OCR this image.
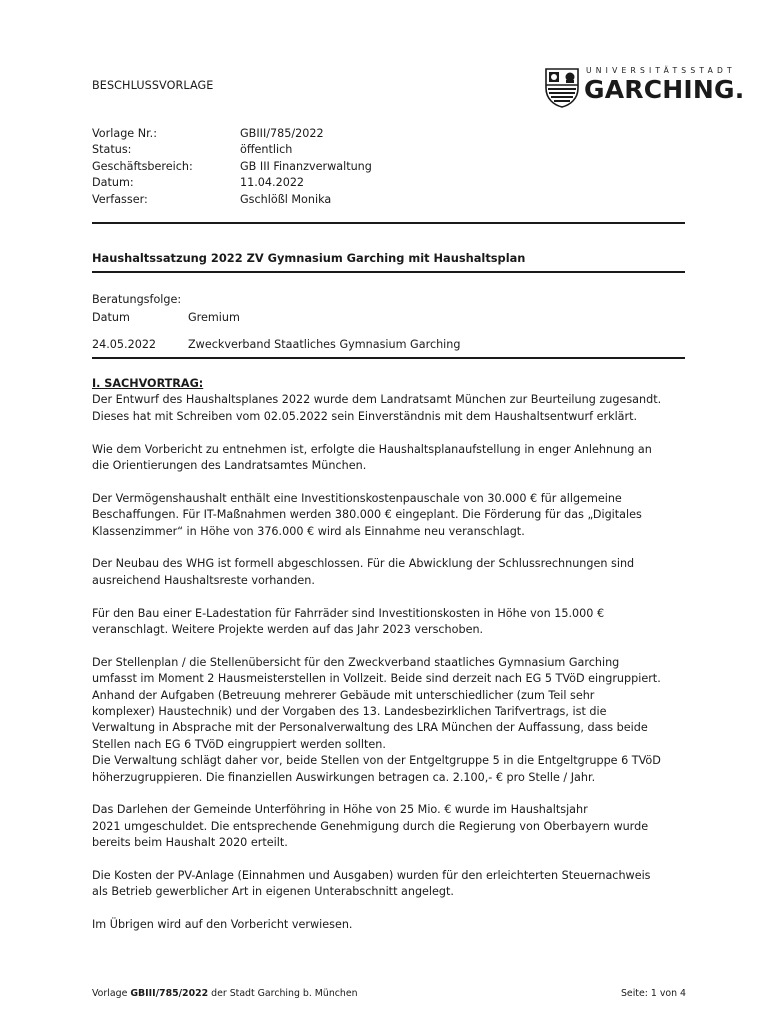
BESCHLUSSVORLAGE
UNIVERSITÄTSSTADT
GARCHING.
Vorlage Nr.:	GBIII/785/2022
Status:	öffentlich
Geschäftsbereich:	GB III Finanzverwaltung
Datum:	11.04.2022
Verfasser:	Gschlößl Monika
Haushaltssatzung 2022 ZV Gymnasium Garching mit Haushaltsplan
Beratungsfolge:
Datum	Gremium
24.05.2022	Zweckverband Staatliches Gymnasium Garching
I. SACHVORTRAG:
Der Entwurf des Haushaltsplanes 2022 wurde dem Landratsamt München zur Beurteilung zugesandt.
Dieses hat mit Schreiben vom 02.05.2022 sein Einverständnis mit dem Haushaltsentwurf erklärt.
Wie dem Vorbericht zu entnehmen ist, erfolgte die Haushaltsplanaufstellung in enger Anlehnung an
die Orientierungen des Landratsamtes München.
Der Vermögenshaushalt enthält eine Investitionskostenpauschale von 30.000 € für allgemeine
Beschaffungen. Für IT-Maßnahmen werden 380.000 € eingeplant. Die Förderung für das „Digitales
Klassenzimmer“ in Höhe von 376.000 € wird als Einnahme neu veranschlagt.
Der Neubau des WHG ist formell abgeschlossen. Für die Abwicklung der Schlussrechnungen sind
ausreichend Haushaltsreste vorhanden.
Für den Bau einer E-Ladestation für Fahrräder sind Investitionskosten in Höhe von 15.000 €
veranschlagt. Weitere Projekte werden auf das Jahr 2023 verschoben.
Der Stellenplan / die Stellenübersicht für den Zweckverband staatliches Gymnasium Garching
umfasst im Moment 2 Hausmeisterstellen in Vollzeit. Beide sind derzeit nach EG 5 TVöD eingruppiert.
Anhand der Aufgaben (Betreuung mehrerer Gebäude mit unterschiedlicher (zum Teil sehr
komplexer) Haustechnik) und der Vorgaben des 13. Landesbezirklichen Tarifvertrags, ist die
Verwaltung in Absprache mit der Personalverwaltung des LRA München der Auffassung, dass beide
Stellen nach EG 6 TVöD eingruppiert werden sollten.
Die Verwaltung schlägt daher vor, beide Stellen von der Entgeltgruppe 5 in die Entgeltgruppe 6 TVöD
höherzugruppieren. Die finanziellen Auswirkungen betragen ca. 2.100,- € pro Stelle / Jahr.
Das Darlehen der Gemeinde Unterföhring in Höhe von 25 Mio. € wurde im Haushaltsjahr
2021 umgeschuldet. Die entsprechende Genehmigung durch die Regierung von Oberbayern wurde
bereits beim Haushalt 2020 erteilt.
Die Kosten der PV-Anlage (Einnahmen und Ausgaben) wurden für den erleichterten Steuernachweis
als Betrieb gewerblicher Art in eigenen Unterabschnitt angelegt.
Im Übrigen wird auf den Vorbericht verwiesen.
Vorlage GBIII/785/2022 der Stadt Garching b. München	Seite: 1 von 4
